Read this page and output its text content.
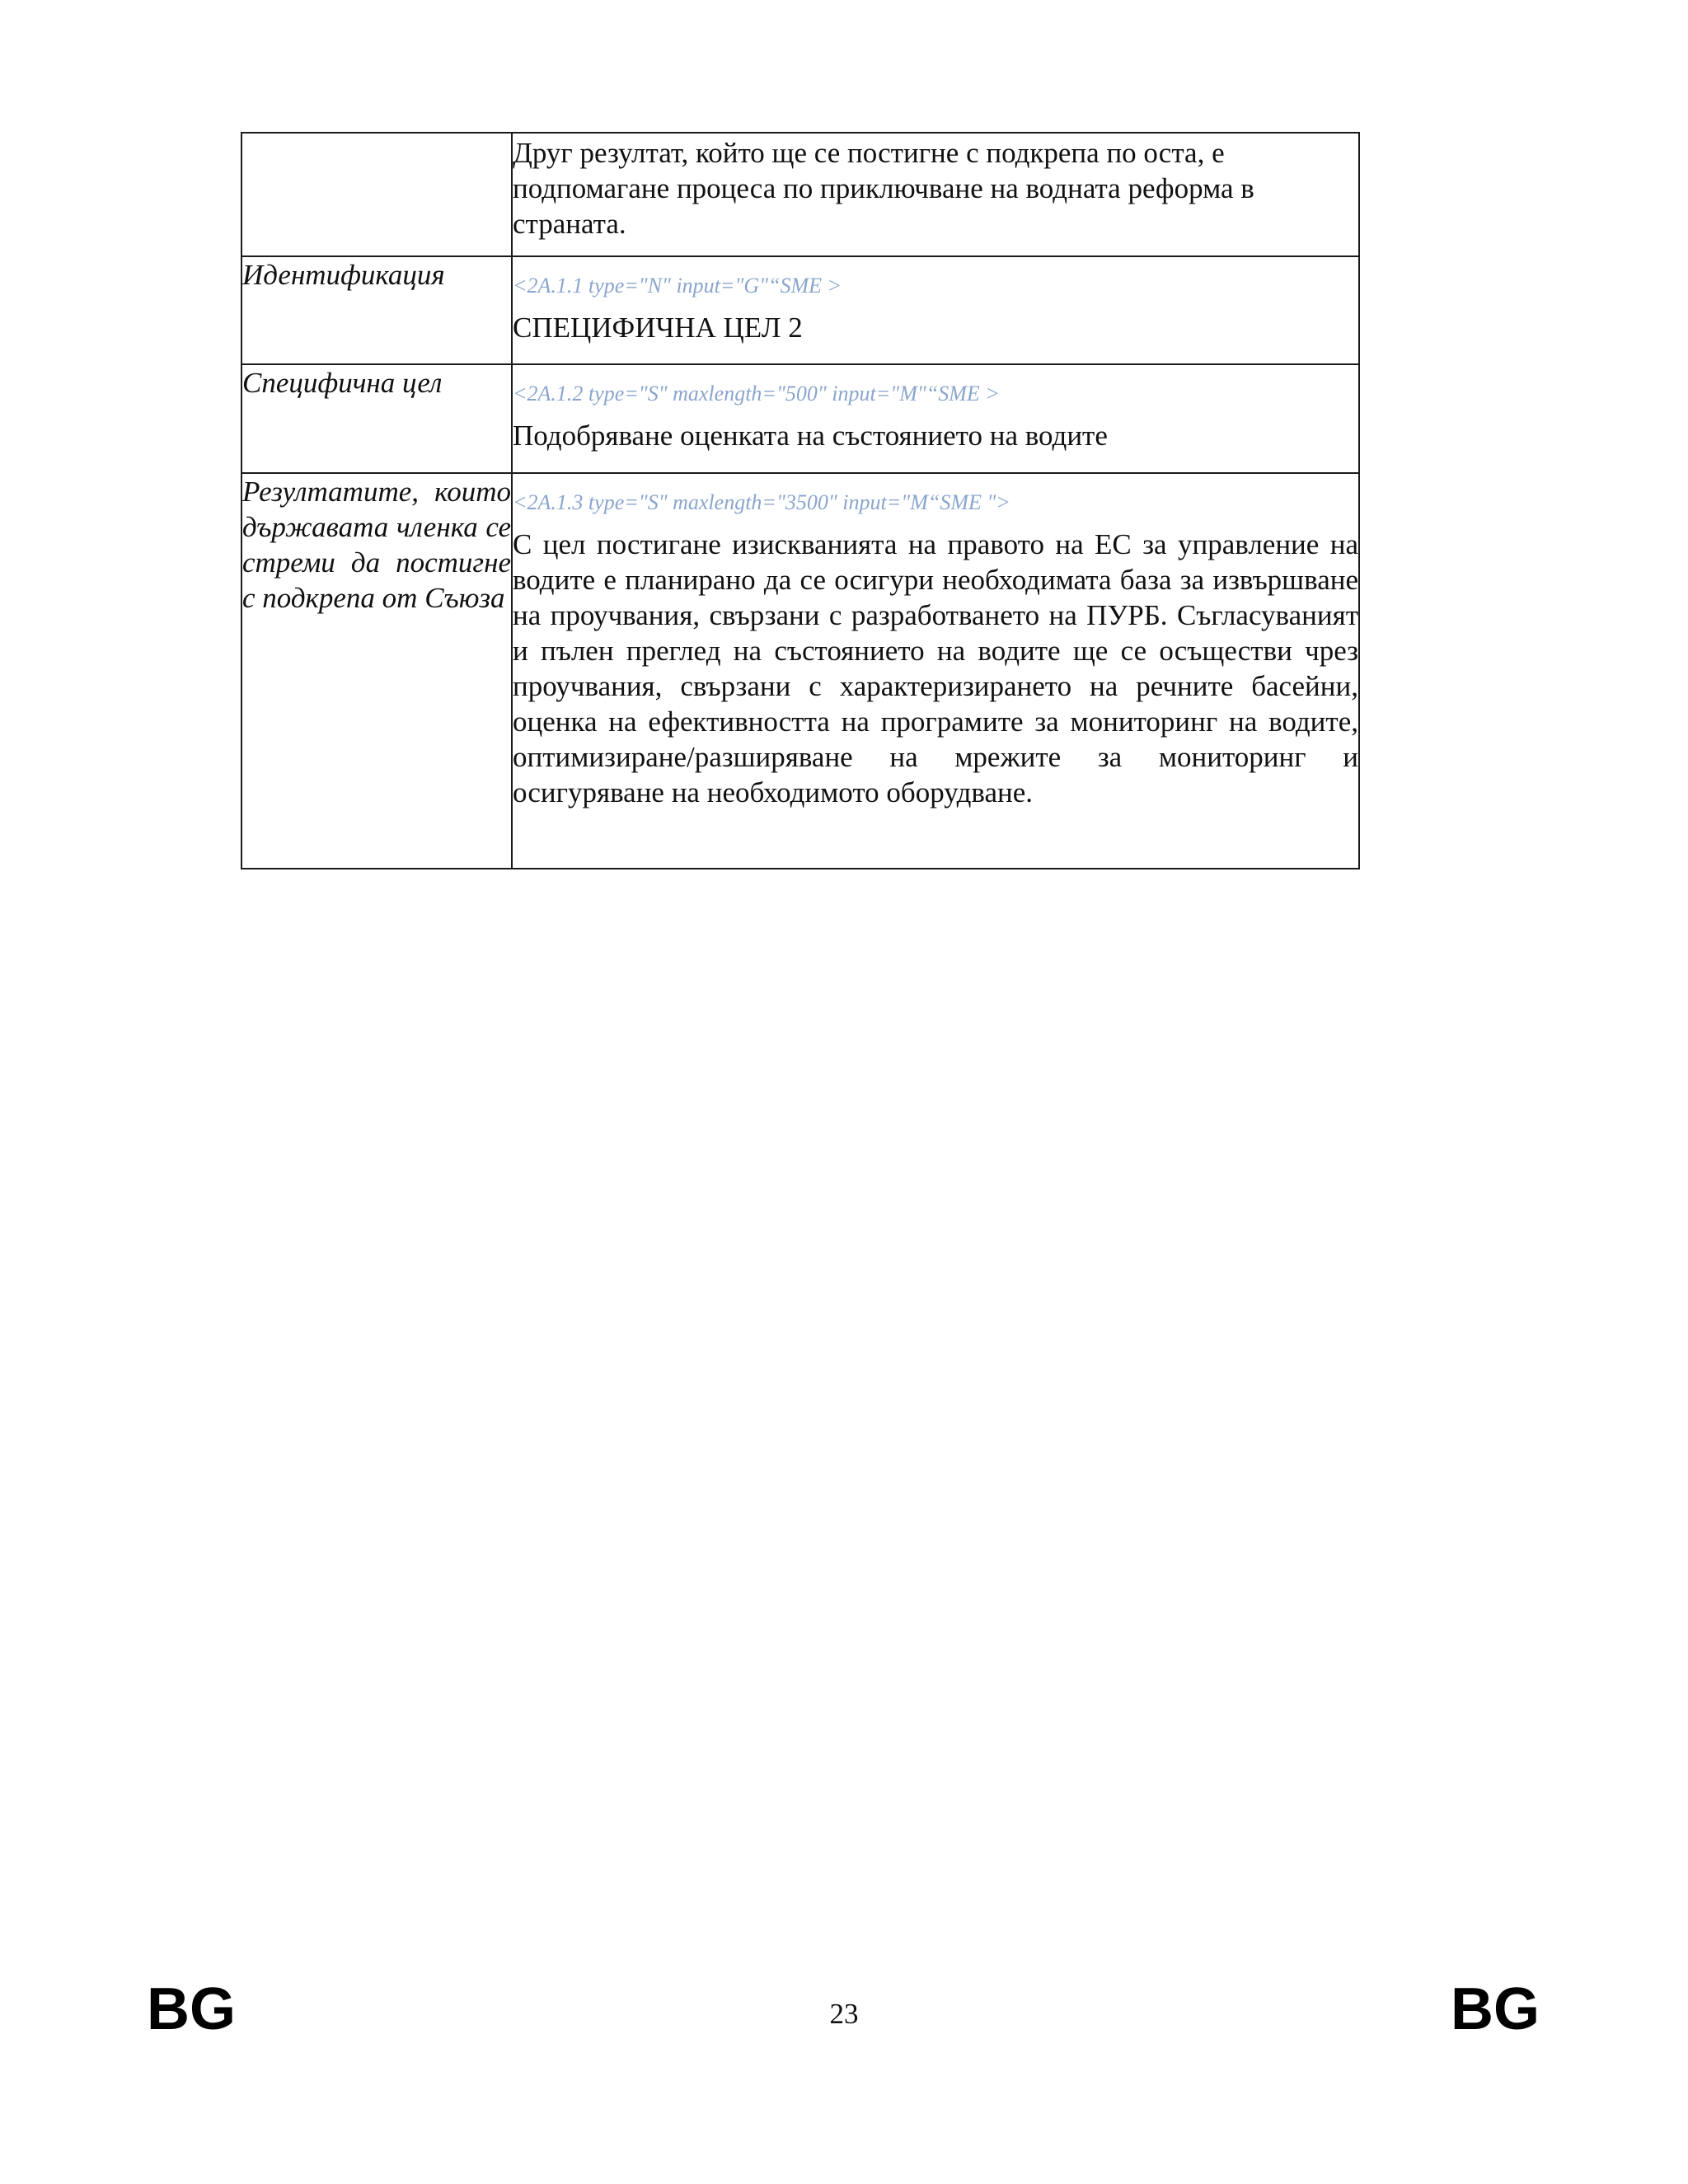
	Друг резултат, който ще се постигне с подкрепа по оста, е подпомагане процеса по приключване на водната реформа в страната.

Идентификация	<2A.1.1 type="N" input="G"“SME >
СПЕЦИФИЧНА ЦЕЛ 2

Специфична цел	<2A.1.2 type="S" maxlength="500" input="M"“SME >
Подобряване оценката на състоянието на водите

Резултатите, които държавата членка се стреми да постигне с подкрепа от Съюза	<2A.1.3 type="S" maxlength="3500" input="M“SME ">
С цел постигане изискванията на правото на ЕС за управление на водите е планирано да се осигури необходимата база за извършване на проучвания, свързани с разработването на ПУРБ. Съгласуваният и пълен преглед на състоянието на водите ще се осъществи чрез проучвания, свързани с характеризирането на речните басейни, оценка на ефективността на програмите за мониторинг на водите, оптимизиране/разширяване на мрежите за мониторинг и осигуряване на необходимото оборудване.
BG	23	BG
